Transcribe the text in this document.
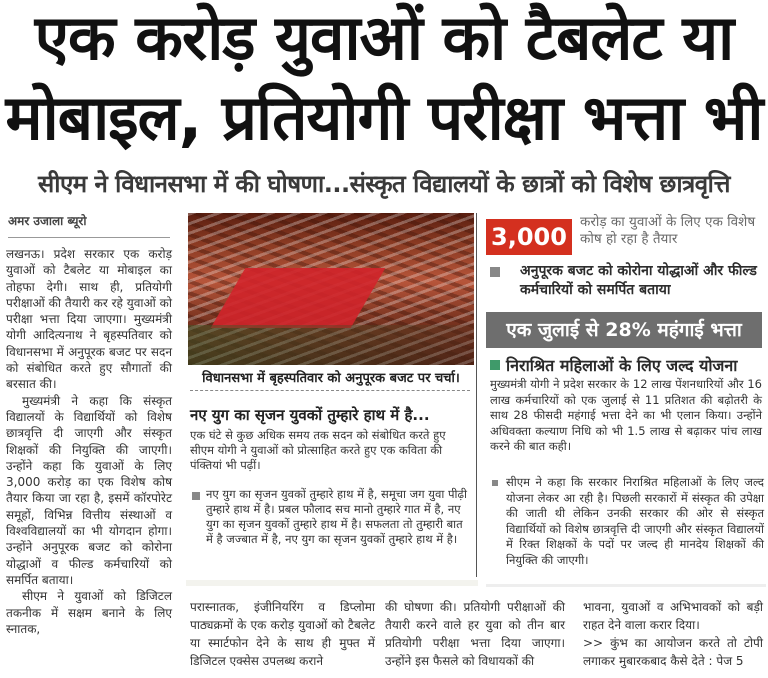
एक करोड़ युवाओं को टैबलेट या
मोबाइल, प्रतियोगी परीक्षा भत्ता भी
सीएम ने विधानसभा में की घोषणा...संस्कृत विद्यालयों के छात्रों को विशेष छात्रवृत्ति
अमर उजाला ब्यूरो

लखनऊ। प्रदेश सरकार एक करोड़ युवाओं को टैबलेट या मोबाइल का तोहफा देगी। साथ ही, प्रतियोगी परीक्षाओं की तैयारी कर रहे युवाओं को परीक्षा भत्ता दिया जाएगा। मुख्यमंत्री योगी आदित्यनाथ ने बृहस्पतिवार को विधानसभा में अनुपूरक बजट पर सदन को संबोधित करते हुए सौगातों की बरसात की।

मुख्यमंत्री ने कहा कि संस्कृत विद्यालयों के विद्यार्थियों को विशेष छात्रवृत्ति दी जाएगी और संस्कृत शिक्षकों की नियुक्ति की जाएगी। उन्होंने कहा कि युवाओं के लिए 3,000 करोड़ का एक विशेष कोष तैयार किया जा रहा है, इसमें कॉरपोरेट समूहों, विभिन्न वित्तीय संस्थाओं व विश्वविद्यालयों का भी योगदान होगा। उन्होंने अनुपूरक बजट को कोरोना योद्धाओं व फील्ड कर्मचारियों को समर्पित बताया।

सीएम ने युवाओं को डिजिटल तकनीक में सक्षम बनाने के लिए स्नातक,

विधानसभा में बृहस्पतिवार को अनुपूरक बजट पर चर्चा।
नए युग का सृजन युवकों तुम्हारे हाथ में है...
एक घंटे से कुछ अधिक समय तक सदन को संबोधित करते हुए सीएम योगी ने युवाओं को प्रोत्साहित करते हुए एक कविता की पंक्तियां भी पढ़ीं।
नए युग का सृजन युवकों तुम्हारे हाथ में है, समूचा जग युवा पीढ़ी तुम्हारे हाथ में है। प्रबल फौलाद सच मानो तुम्हारे गात में है, नए युग का सृजन युवकों तुम्हारे हाथ में है। सफलता तो तुम्हारी बात में है जज्बात में है, नए युग का सृजन युवकों तुम्हारे हाथ में है।
परास्नातक, इंजीनियरिंग व डिप्लोमा पाठ्यक्रमों के एक करोड़ युवाओं को टैबलेट या स्मार्टफोन देने के साथ ही मुफ्त में डिजिटल एक्सेस उपलब्ध कराने
की घोषणा की। प्रतियोगी परीक्षाओं की तैयारी करने वाले हर युवा को तीन बार प्रतियोगी परीक्षा भत्ता दिया जाएगा। उन्होंने इस फैसले को विधायकों की

भावना, युवाओं व अभिभावकों को बड़ी राहत देने वाला करार दिया।

>> कुंभ का आयोजन करते तो टोपी लगाकर मुबारकबाद कैसे देते : पेज 5

3,000
करोड़ का युवाओं के लिए एक विशेष कोष हो रहा है तैयार
अनुपूरक बजट को कोरोना योद्धाओं और फील्ड कर्मचारियों को समर्पित बताया
एक जुलाई से 28% महंगाई भत्ता
निराश्रित महिलाओं के लिए जल्द योजना
मुख्यमंत्री योगी ने प्रदेश सरकार के 12 लाख पेंशनधारियों और 16 लाख कर्मचारियों को एक जुलाई से 11 प्रतिशत की बढ़ोतरी के साथ 28 फीसदी महंगाई भत्ता देने का भी एलान किया। उन्होंने अधिवक्ता कल्याण निधि को भी 1.5 लाख से बढ़ाकर पांच लाख करने की बात कही।
सीएम ने कहा कि सरकार निराश्रित महिलाओं के लिए जल्द योजना लेकर आ रही है। पिछली सरकारों में संस्कृत की उपेक्षा की जाती थी लेकिन उनकी सरकार की ओर से संस्कृत विद्यार्थियों को विशेष छात्रवृत्ति दी जाएगी और संस्कृत विद्यालयों में रिक्त शिक्षकों के पदों पर जल्द ही मानदेय शिक्षकों की नियुक्ति की जाएगी।
